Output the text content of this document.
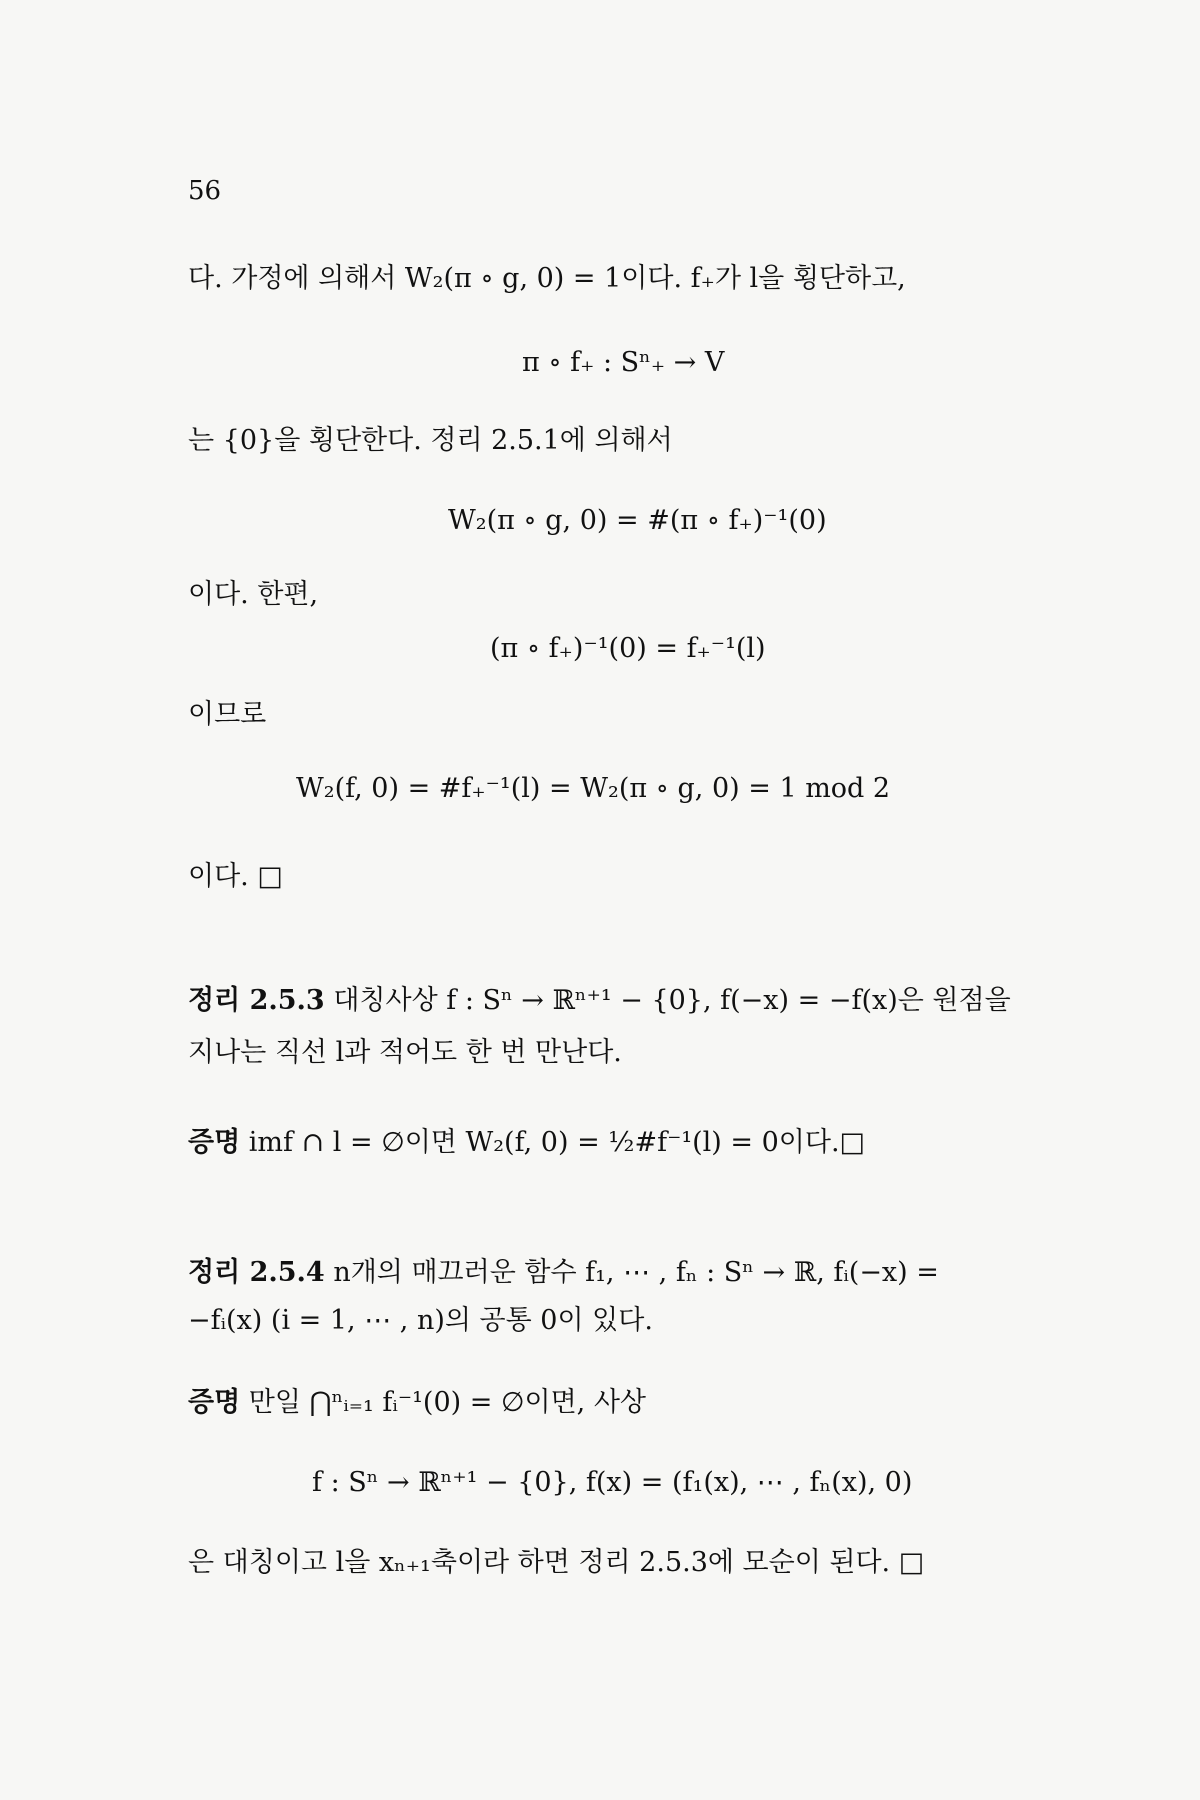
56
다. 가정에 의해서 W₂(π ∘ g, 0) = 1이다. f₊가 l을 횡단하고,
π ∘ f₊ : Sⁿ₊ → V
는 {0}을 횡단한다. 정리 2.5.1에 의해서
W₂(π ∘ g, 0) = #(π ∘ f₊)⁻¹(0)
이다. 한편,
(π ∘ f₊)⁻¹(0) = f₊⁻¹(l)
이므로
W₂(f, 0) = #f₊⁻¹(l) = W₂(π ∘ g, 0) = 1 mod 2
이다. □
정리 2.5.3 대칭사상 f : Sⁿ → ℝⁿ⁺¹ − {0}, f(−x) = −f(x)은 원점을
지나는 직선 l과 적어도 한 번 만난다.
증명 imf ∩ l = ∅이면 W₂(f, 0) = ½#f⁻¹(l) = 0이다.□
정리 2.5.4 n개의 매끄러운 함수 f₁, ⋯ , fₙ : Sⁿ → ℝ, fᵢ(−x) =
−fᵢ(x) (i = 1, ⋯ , n)의 공통 0이 있다.
증명 만일 ⋂ⁿᵢ₌₁ fᵢ⁻¹(0) = ∅이면, 사상
f : Sⁿ → ℝⁿ⁺¹ − {0}, f(x) = (f₁(x), ⋯ , fₙ(x), 0)
은 대칭이고 l을 xₙ₊₁축이라 하면 정리 2.5.3에 모순이 된다. □
